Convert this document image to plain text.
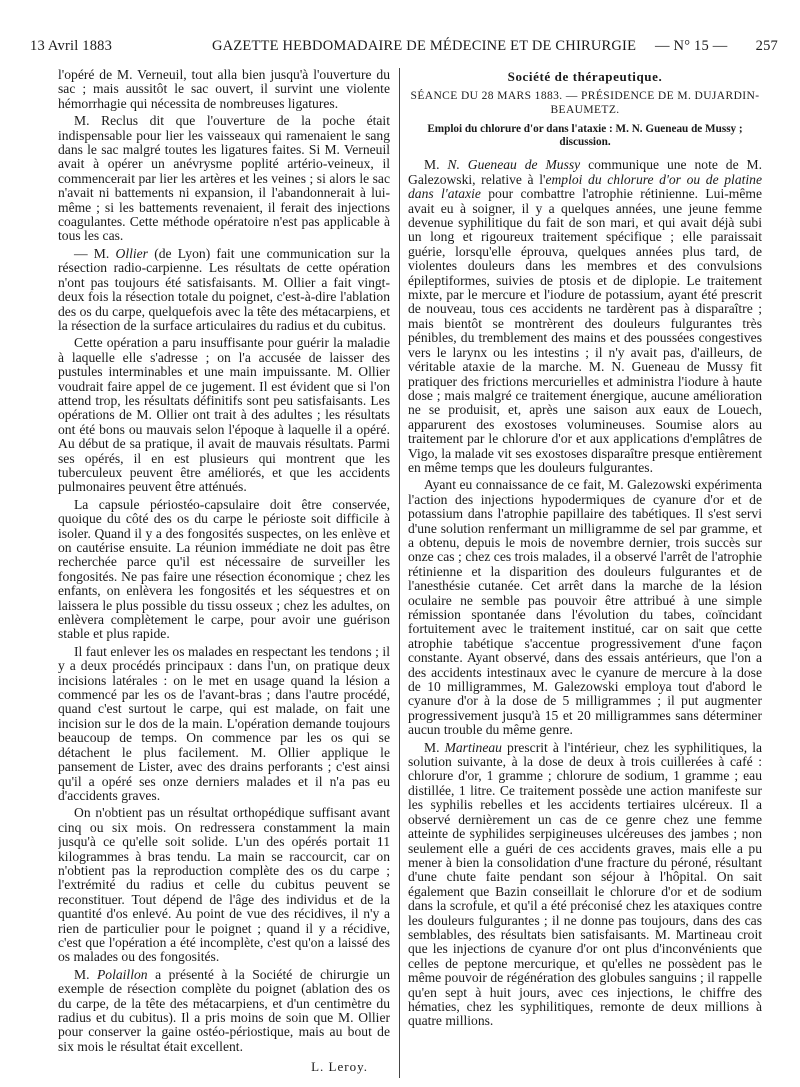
13 Avril 1883	GAZETTE HEBDOMADAIRE DE MÉDECINE ET DE CHIRURGIE — N° 15 — 257

l'opéré de M. Verneuil, tout alla bien jusqu'à l'ouverture du sac ; mais aussitôt le sac ouvert, il survint une violente hémorrhagie qui nécessita de nombreuses ligatures.

M. Reclus dit que l'ouverture de la poche était indispensable pour lier les vaisseaux qui ramenaient le sang dans le sac malgré toutes les ligatures faites. Si M. Verneuil avait à opérer un anévrysme poplité artério-veineux, il commencerait par lier les artères et les veines ; si alors le sac n'avait ni battements ni expansion, il l'abandonnerait à lui-même ; si les battements revenaient, il ferait des injections coagulantes. Cette méthode opératoire n'est pas applicable à tous les cas.

— M. Ollier (de Lyon) fait une communication sur la résection radio-carpienne. Les résultats de cette opération n'ont pas toujours été satisfaisants. M. Ollier a fait vingt-deux fois la résection totale du poignet, c'est-à-dire l'ablation des os du carpe, quelquefois avec la tête des métacarpiens, et la résection de la surface articulaires du radius et du cubitus.

Cette opération a paru insuffisante pour guérir la maladie à laquelle elle s'adresse ; on l'a accusée de laisser des pustules interminables et une main impuissante. M. Ollier voudrait faire appel de ce jugement. Il est évident que si l'on attend trop, les résultats définitifs sont peu satisfaisants. Les opérations de M. Ollier ont trait à des adultes ; les résultats ont été bons ou mauvais selon l'époque à laquelle il a opéré. Au début de sa pratique, il avait de mauvais résultats. Parmi ses opérés, il en est plusieurs qui montrent que les tuberculeux peuvent être améliorés, et que les accidents pulmonaires peuvent être atténués.

La capsule périostéo-capsulaire doit être conservée, quoique du côté des os du carpe le périoste soit difficile à isoler. Quand il y a des fongosités suspectes, on les enlève et on cautérise ensuite. La réunion immédiate ne doit pas être recherchée parce qu'il est nécessaire de surveiller les fongosités. Ne pas faire une résection économique ; chez les enfants, on enlèvera les fongosités et les séquestres et on laissera le plus possible du tissu osseux ; chez les adultes, on enlèvera complètement le carpe, pour avoir une guérison stable et plus rapide.

Il faut enlever les os malades en respectant les tendons ; il y a deux procédés principaux : dans l'un, on pratique deux incisions latérales : on le met en usage quand la lésion a commencé par les os de l'avant-bras ; dans l'autre procédé, quand c'est surtout le carpe, qui est malade, on fait une incision sur le dos de la main. L'opération demande toujours beaucoup de temps. On commence par les os qui se détachent le plus facilement. M. Ollier applique le pansement de Lister, avec des drains perforants ; c'est ainsi qu'il a opéré ses onze derniers malades et il n'a pas eu d'accidents graves.

On n'obtient pas un résultat orthopédique suffisant avant cinq ou six mois. On redressera constamment la main jusqu'à ce qu'elle soit solide. L'un des opérés portait 11 kilogrammes à bras tendu. La main se raccourcit, car on n'obtient pas la reproduction complète des os du carpe ; l'extrémité du radius et celle du cubitus peuvent se reconstituer. Tout dépend de l'âge des individus et de la quantité d'os enlevé. Au point de vue des récidives, il n'y a rien de particulier pour le poignet ; quand il y a récidive, c'est que l'opération a été incomplète, c'est qu'on a laissé des os malades ou des fongosités.

M. Polaillon a présenté à la Société de chirurgie un exemple de résection complète du poignet (ablation des os du carpe, de la tête des métacarpiens, et d'un centimètre du radius et du cubitus). Il a pris moins de soin que M. Ollier pour conserver la gaine ostéo-périostique, mais au bout de six mois le résultat était excellent.

L. Leroy.

Société de thérapeutique.

SÉANCE DU 28 MARS 1883. — PRÉSIDENCE DE M. DUJARDIN-BEAUMETZ.

Emploi du chlorure d'or dans l'ataxie : M. N. Gueneau de Mussy ; discussion.

M. N. Gueneau de Mussy communique une note de M. Galezowski, relative à l'emploi du chlorure d'or ou de platine dans l'ataxie pour combattre l'atrophie rétinienne. Lui-même avait eu à soigner, il y a quelques années, une jeune femme devenue syphilitique du fait de son mari, et qui avait déjà subi un long et rigoureux traitement spécifique ; elle paraissait guérie, lorsqu'elle éprouva, quelques années plus tard, de violentes douleurs dans les membres et des convulsions épileptiformes, suivies de ptosis et de diplopie. Le traitement mixte, par le mercure et l'iodure de potassium, ayant été prescrit de nouveau, tous ces accidents ne tardèrent pas à disparaître ; mais bientôt se montrèrent des douleurs fulgurantes très pénibles, du tremblement des mains et des poussées congestives vers le larynx ou les intestins ; il n'y avait pas, d'ailleurs, de véritable ataxie de la marche. M. N. Gueneau de Mussy fit pratiquer des frictions mercurielles et administra l'iodure à haute dose ; mais malgré ce traitement énergique, aucune amélioration ne se produisit, et, après une saison aux eaux de Louech, apparurent des exostoses volumineuses. Soumise alors au traitement par le chlorure d'or et aux applications d'emplâtres de Vigo, la malade vit ses exostoses disparaître presque entièrement en même temps que les douleurs fulgurantes.

Ayant eu connaissance de ce fait, M. Galezowski expérimenta l'action des injections hypodermiques de cyanure d'or et de potassium dans l'atrophie papillaire des tabétiques. Il s'est servi d'une solution renfermant un milligramme de sel par gramme, et a obtenu, depuis le mois de novembre dernier, trois succès sur onze cas ; chez ces trois malades, il a observé l'arrêt de l'atrophie rétinienne et la disparition des douleurs fulgurantes et de l'anesthésie cutanée. Cet arrêt dans la marche de la lésion oculaire ne semble pas pouvoir être attribué à une simple rémission spontanée dans l'évolution du tabes, coïncidant fortuitement avec le traitement institué, car on sait que cette atrophie tabétique s'accentue progressivement d'une façon constante. Ayant observé, dans des essais antérieurs, que l'on a des accidents intestinaux avec le cyanure de mercure à la dose de 10 milligrammes, M. Galezowski employa tout d'abord le cyanure d'or à la dose de 5 milligrammes ; il put augmenter progressivement jusqu'à 15 et 20 milligrammes sans déterminer aucun trouble du même genre.

M. Martineau prescrit à l'intérieur, chez les syphilitiques, la solution suivante, à la dose de deux à trois cuillerées à café : chlorure d'or, 1 gramme ; chlorure de sodium, 1 gramme ; eau distillée, 1 litre. Ce traitement possède une action manifeste sur les syphilis rebelles et les accidents tertiaires ulcéreux. Il a observé dernièrement un cas de ce genre chez une femme atteinte de syphilides serpigineuses ulcéreuses des jambes ; non seulement elle a guéri de ces accidents graves, mais elle a pu mener à bien la consolidation d'une fracture du péroné, résultant d'une chute faite pendant son séjour à l'hôpital. On sait également que Bazin conseillait le chlorure d'or et de sodium dans la scrofule, et qu'il a été préconisé chez les ataxiques contre les douleurs fulgurantes ; il ne donne pas toujours, dans des cas semblables, des résultats bien satisfaisants. M. Martineau croit que les injections de cyanure d'or ont plus d'inconvénients que celles de peptone mercurique, et qu'elles ne possèdent pas le même pouvoir de régénération des globules sanguins ; il rappelle qu'en sept à huit jours, avec ces injections, le chiffre des hématies, chez les syphilitiques, remonte de deux millions à quatre millions.
